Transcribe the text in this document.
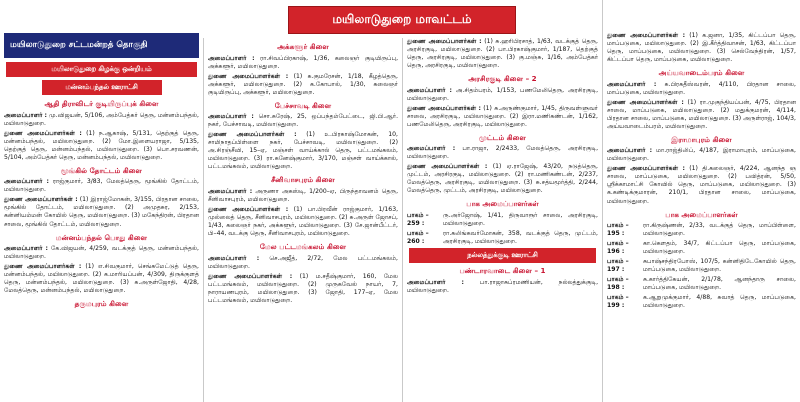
மயிலாடுதுறை மாவட்டம்
மயிலாடுதுறை சட்டமன்றத் தொகுதி
மயிலாடுதுறை கிழக்கு ஒன்றியம்
மன்னம்பந்தல் ஊராட்சி
ஆதி திராவிடர் குடியிருப்புக் கிளை

அமைப்பாளர் : மு.விஜயன், 5/106, அம்பேத்கர் தெரு, மன்னம்பந்தல், மயிலாடுதுறை.

துணை அமைப்பாளர்கள் : (1) ந.ஆகாஷ், 5/131, தெற்குத் தெரு, மன்னம்பந்தல், மயிலாடுதுறை. (2) மோ.இளையராஜா, 5/135, தெற்குத் தெரு, மன்னம்பந்தல், மயிலாடுதுறை. (3) பொ.சரவணன், 5/104, அம்பேத்கர் தெரு, மன்னம்பந்தல், மயிலாடுதுறை.

மூங்கில் தோட்டம் கிளை

அமைப்பாளர் : ராஜ்குமார், 3/83, மேலத்தெரு, மூங்கில் தோட்டம், மயிலாடுதுறை.

துணை அமைப்பாளர்கள் : (1) இராஜ்மோகன், 3/155, பிரதான சாலை, மூங்கில் தோட்டம், மயிலாடுதுறை. (2) அமுதசுர, 2/153, கன்னியம்மன் கோயில் தெரு, மயிலாடுதுறை. (3) மகேந்திரன், பிரதான சாலை, மூங்கில் தோட்டம், மயிலாடுதுறை.

மன்னம்பந்தல் பொது கிளை

அமைப்பாளர் : கே.விஜயன், 4/259, வடக்குத் தெரு, மன்னம்பந்தல், மயிலாடுதுறை.

துணை அமைப்பாளர்கள் : (1) எ.சிவகுமார், செங்கமேட்டுத் தெரு, மன்னம்பந்தல், மயிலாடுதுறை. (2) க.மாரியப்பன், 4/309, திருக்குளத் தெரு, மன்னம்பந்தல், மயிலாடுதுறை. (3) க.அருள்ஜோதி, 4/28, மேலத்தெரு, மன்னம்பந்தல், மயிலாடுதுறை.

தருமபுரம் கிளை
அக்களூர் கிளை

அமைப்பாளர் : ரா.சிவப்பிரகாஷ், 1/36, கலைஞர் குடியிருப்பு, அக்களூர், மயிலாடுதுறை.

துணை அமைப்பாளர்கள் : (1) க.குமரேசன், 1/18, கீழத்தெரு, அக்களூர், மயிலாடுதுறை. (2) க.கோபால், 1/30, கலைஞர் குடியிருப்பு, அக்களூர், மயிலாடுதுறை.

பேச்சாவடி கிளை

அமைப்பாளர் : சொ.சுரேஷ், 25, ஒப்பந்தம்பேட்டை, ஜி.பி.ஆர். நகர், பேச்சாவடி, மயிலாடுதுறை.

துணை அமைப்பாளர்கள் : (1) உ.பிரகாஷ்மோகன், 10, சாமிநாதப்பிள்ளை நகர், பேச்சாவடி, மயிலாடுதுறை. (2) அ.சிரஞ்சீவி, 15–ஏ, மஞ்சள் வாய்க்கால் தெரு, பட்டமங்கலம், மயிலாடுதுறை. (3) ரா.கனேஷ்குமார், 3/170, மஞ்சள் வாய்க்கால், பட்டமங்கலம், மயிலாடுதுறை.

சீனிவாசபுரம் கிளை

அமைப்பாளர் : அருணா அகஸ்டி, 1/200–ஏ, பிருந்தாவனம் தெரு, சீனிவாசபுரம், மயிலாடுதுறை.

துணை அமைப்பாளர்கள் : (1) பா.பிரவீன் ராஜ்குமார், 1/163, முல்லைத் தெரு, சீனிவாசபுரம், மயிலாடுதுறை. (2) சு.அருள் ஜோசப், 1/43, கலைஞர் நகர், அக்களூர், மயிலாடுதுறை. (3) சே.ஜான்பீட்டர், பி–44, வடக்கு தெரு, சீனிவாசபுரம், மயிலாடுதுறை.

மேல பட்டமங்கலம் கிளை

அமைப்பாளர் : செ.அஜீத், 2/72, மேல பட்டமங்கலம், மயிலாடுதுறை.

துணை அமைப்பாளர்கள் : (1) ம.சதீஷ்குமார், 160, மேல பட்டமங்கலம், மயிலாடுதுறை. (2) முருகவேல் நாயர், 7, நாராயணபுரம், மயிலாடுதுறை. (3) ஜோதி, 177–ஏ, மேல பட்டமங்கலம், மயிலாடுதுறை.

துணை அமைப்பாளர்கள் : (1) சு.ஹரிபிரசாத், 1/63, வடக்குத் தெரு, அரசிரகுடி, மயிலாடுதுறை. (2) பா.பிரகாஷ்குமார், 1/187, தெற்குத் தெரு, அரசிரகுடி, மயிலாடுதுறை. (3) கு.மஞ்சு, 1/16, அம்பேத்கர் தெரு, அரசிரகுடி, மயிலாடுதுறை.

அரசிரகுடி கிளை – 2

அமைப்பாளர் : அ.சிதம்பரம், 1/153, பணமேலிதெரு, அரசிரகுடி, மயிலாடுதுறை.

துணை அமைப்பாளர்கள் : (1) சு.அருண்குமார், 1/45, திருவள்ளுவர் சாலை, அரசிரகுடி, மயிலாடுதுறை. (2) இரா.மணிகண்டன், 1/162, பணமேலிதெரு, அரசிரகுடி, மயிலாடுதுறை.

முட்டம் கிளை

அமைப்பாளர் : பா.ராஜா, 2/2433, மேலத்தெரு, அரசிரகுடி, மயிலாடுதுறை.

துணை அமைப்பாளர்கள் : (1) ஏ.ராஜேஷ், 43/20, நடுத்தெரு, முட்டம், அரசிரகுடி, மயிலாடுதுறை. (2) ரா.மணிகண்டன், 2/237, மேலத்தெரு, அரசிரகுடி, மயிலாடுதுறை. (3) சு.சத்யமூர்த்தி, 2/244, மேலத்தெரு, முட்டம், அரசிரகுடி, மயிலாடுதுறை.

பாக அமைப்பாளர்கள்
பாகம் – 259 :
ரு.அர்ஜோஷ், 1/41, திருவாரூர் சாலை, அரசிரகுடி, மயிலாடுதுறை.
பாகம் – 260 :
ரா.கலிங்கவர்மோகன், 358, வடக்குத் தெரு, முட்டம், அரசிரகுடி, மயிலாடுதுறை.
நல்லத்துக்குடி ஊராட்சி
பண்டாரவாடை கிளை – 1

அமைப்பாளர் : பா.ராஜாசுப்ரமணியன், நல்லத்துக்குடி, மயிலாடுதுறை.

துணை அமைப்பாளர்கள் : (1) க.ஜனா, 1/35, கிட்டப்பா தெரு, மாப்படுகை, மயிலாடுதுறை. (2) இ.கீர்த்திவாசன், 1/63, கிட்டப்பா தெரு, மாப்படுகை, மயிலாடுதுறை. (3) செல்வேந்திரன், 1/57, கிட்டப்பா தெரு, மாப்படுகை, மயிலாடுதுறை.

அய்யவாடைம்பரம் கிளை

அமைப்பாளர் : க.பிரகதீஸ்வரன், 4/110, பிரதான சாலை, மாப்படுகை, மயிலாடுதுறை.

துணை அமைப்பாளர்கள் : (1) ரா.முகுந்தியப்பன், 4/75, பிரதான சாலை, மாப்படுகை, மயிலாடுதுறை. (2) மதுக்குமரன், 4/114, பிரதான சாலை, மாப்படுகை, மயிலாடுதுறை. (3) அருள்ராஜ், 104/3, அய்யவாடைம்பரம், மயிலாடுதுறை.

இராமாபுரம் கிளை

அமைப்பாளர் : மா.ராஜ்திலிப், 4/187, இராமாபுரம், மாப்படுகை, மயிலாடுதுறை.

துணை அமைப்பாளர்கள் : (1) தி.கலைஞர், 4/224, ஆனந்த ஞ சாலை, மாப்படுகை, மயிலாடுதுறை. (2) பவித்ரன், 5/50, ஸ்ரீக்காமாட்சி கோவில் தெரு, மாப்படுகை, மயிலாடுதுறை. (3) க.கண்டிக்குமாரன், 210/1, பிரதான சாலை, மாப்படுகை, மயிலாடுதுறை.

பாக அமைப்பாளர்கள்
பாகம் – 195 :
ரா.கிருஷ்ணன், 2/33, வடக்குத் தெரு, மாப்பிள்ளை, மயிலாடுதுறை.
பாகம் – 196 :
கா.கௌதம், 34/7, கிட்டப்பா தெரு, மாப்படுகை, மயிலாடுதுறை.
பாகம் – 197 :
சுபாஷ்சந்திரபோஸ், 107/5, கன்னிதிடேகோயில் தெரு, மாப்படுகை, மயிலாடுதுறை.
பாகம் – 198 :
சு.கார்த்திகேயன், 2/1/78, ஆனந்தாரு சாலை, மாப்படுகை, மயிலாடுதுறை.
பாகம் – 199 :
க.ஆறுமுக்குமார், 4/88, சுவாத் தெரு, மாப்படுகை, மயிலாடுதுறை.
